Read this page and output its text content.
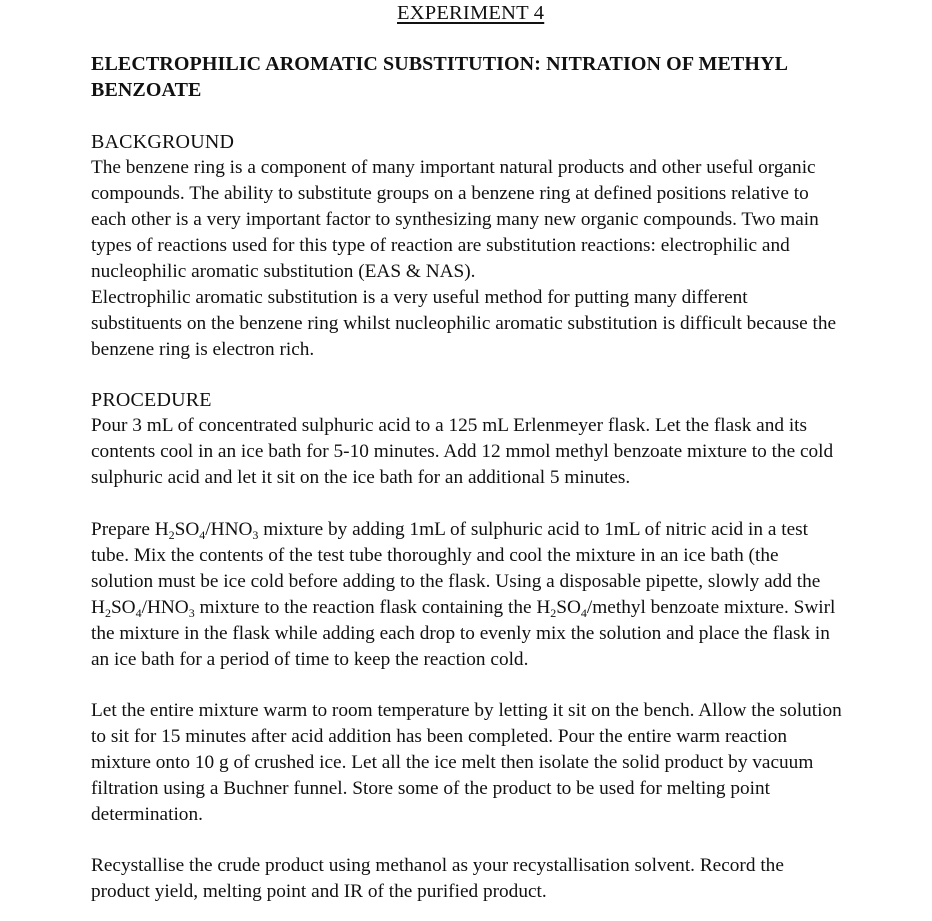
EXPERIMENT 4
ELECTROPHILIC AROMATIC SUBSTITUTION: NITRATION OF METHYL
BENZOATE
BACKGROUND
The benzene ring is a component of many important natural products and other useful organic
compounds. The ability to substitute groups on a benzene ring at defined positions relative to
each other is a very important factor to synthesizing many new organic compounds. Two main
types of reactions used for this type of reaction are substitution reactions: electrophilic and
nucleophilic aromatic substitution (EAS & NAS).
Electrophilic aromatic substitution is a very useful method for putting many different
substituents on the benzene ring whilst nucleophilic aromatic substitution is difficult because the
benzene ring is electron rich.
PROCEDURE
Pour 3 mL of concentrated sulphuric acid to a 125 mL Erlenmeyer flask. Let the flask and its
contents cool in an ice bath for 5-10 minutes. Add 12 mmol methyl benzoate mixture to the cold
sulphuric acid and let it sit on the ice bath for an additional 5 minutes.
Prepare $H_2SO_4/HNO_3$ mixture by adding 1mL of sulphuric acid to 1mL of nitric acid in a test
tube. Mix the contents of the test tube thoroughly and cool the mixture in an ice bath (the
solution must be ice cold before adding to the flask. Using a disposable pipette, slowly add the
$H_2SO_4/HNO_3$ mixture to the reaction flask containing the $H_2SO_4$/methyl benzoate mixture. Swirl
the mixture in the flask while adding each drop to evenly mix the solution and place the flask in
an ice bath for a period of time to keep the reaction cold.
Let the entire mixture warm to room temperature by letting it sit on the bench. Allow the solution
to sit for 15 minutes after acid addition has been completed. Pour the entire warm reaction
mixture onto 10 g of crushed ice. Let all the ice melt then isolate the solid product by vacuum
filtration using a Buchner funnel. Store some of the product to be used for melting point
determination.
Recystallise the crude product using methanol as your recystallisation solvent. Record the
product yield, melting point and IR of the purified product.
